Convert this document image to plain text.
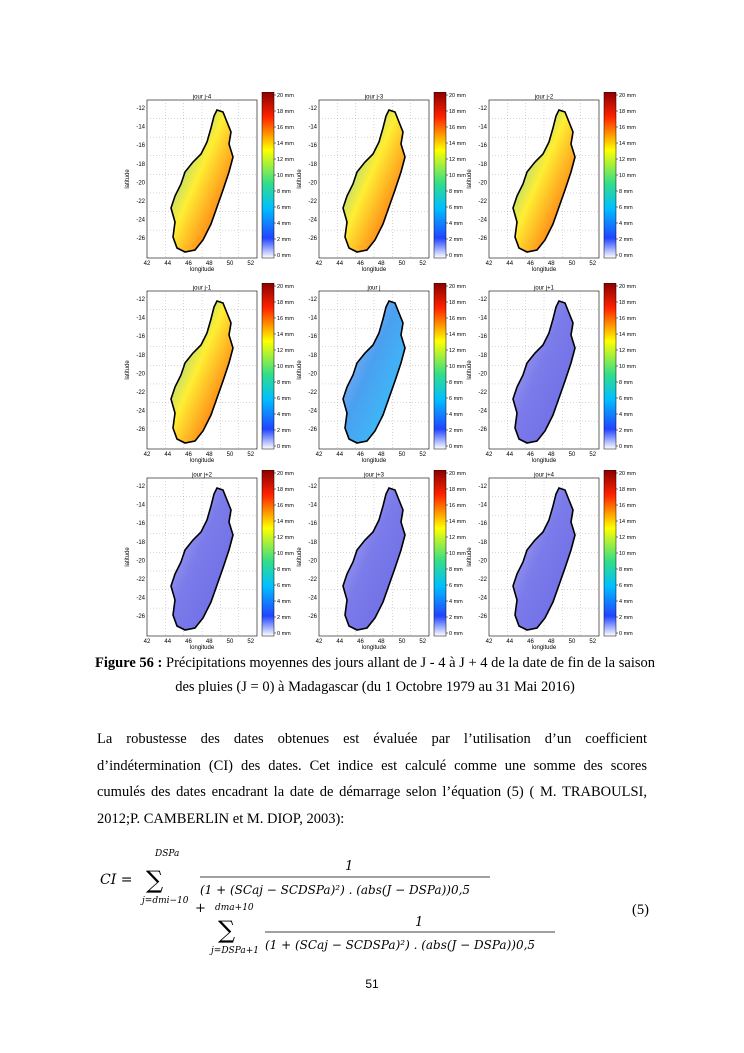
jour j-4
-12
-14
-16
-18
-20
-22
-24
-26
42 44 46 48 50 52
longitude
latitude
20 mm
18 mm
16 mm
14 mm
12 mm
10 mm
8 mm
6 mm
4 mm
2 mm
0 mm
jour j-3
-12
-14
-16
-18
-20
-22
-24
-26
42 44 46 48 50 52
longitude
latitude
20 mm
18 mm
16 mm
14 mm
12 mm
10 mm
8 mm
6 mm
4 mm
2 mm
0 mm
jour j-2
-12
-14
-16
-18
-20
-22
-24
-26
42 44 46 48 50 52
longitude
latitude
20 mm
18 mm
16 mm
14 mm
12 mm
10 mm
8 mm
6 mm
4 mm
2 mm
0 mm
jour j-1
-12
-14
-16
-18
-20
-22
-24
-26
42 44 46 48 50 52
longitude
latitude
20 mm
18 mm
16 mm
14 mm
12 mm
10 mm
8 mm
6 mm
4 mm
2 mm
0 mm
jour j
-12
-14
-16
-18
-20
-22
-24
-26
42 44 46 48 50 52
longitude
latitude
20 mm
18 mm
16 mm
14 mm
12 mm
10 mm
8 mm
6 mm
4 mm
2 mm
0 mm
jour j+1
-12
-14
-16
-18
-20
-22
-24
-26
42 44 46 48 50 52
longitude
latitude
20 mm
18 mm
16 mm
14 mm
12 mm
10 mm
8 mm
6 mm
4 mm
2 mm
0 mm
jour j+2
-12
-14
-16
-18
-20
-22
-24
-26
42 44 46 48 50 52
longitude
latitude
20 mm
18 mm
16 mm
14 mm
12 mm
10 mm
8 mm
6 mm
4 mm
2 mm
0 mm
jour j+3
-12
-14
-16
-18
-20
-22
-24
-26
42 44 46 48 50 52
longitude
latitude
20 mm
18 mm
16 mm
14 mm
12 mm
10 mm
8 mm
6 mm
4 mm
2 mm
0 mm
jour j+4
-12
-14
-16
-18
-20
-22
-24
-26
42 44 46 48 50 52
longitude
latitude
20 mm
18 mm
16 mm
14 mm
12 mm
10 mm
8 mm
6 mm
4 mm
2 mm
0 mm
Figure 56 : Précipitations moyennes des jours allant de J - 4 à J + 4 de la date de fin de la saison des pluies (J = 0) à Madagascar (du 1 Octobre 1979 au 31 Mai 2016)
La robustesse des dates obtenues est évaluée par l’utilisation d’un coefficient d’indétermination (CI) des dates. Cet indice est calculé comme une somme des scores cumulés des dates encadrant la date de démarrage selon l’équation (5) ( M. TRABOULSI, 2012;P. CAMBERLIN et M. DIOP, 2003):
CI =
DSPa
∑
j=dmi−10
1
(1 + (SCaj − SCDSPa)²) . (abs(J − DSPa))0,5
+ dma+10
∑
j=DSPa+1
1
(1 + (SCaj − SCDSPa)²) . (abs(J − DSPa))0,5
(5)
51
